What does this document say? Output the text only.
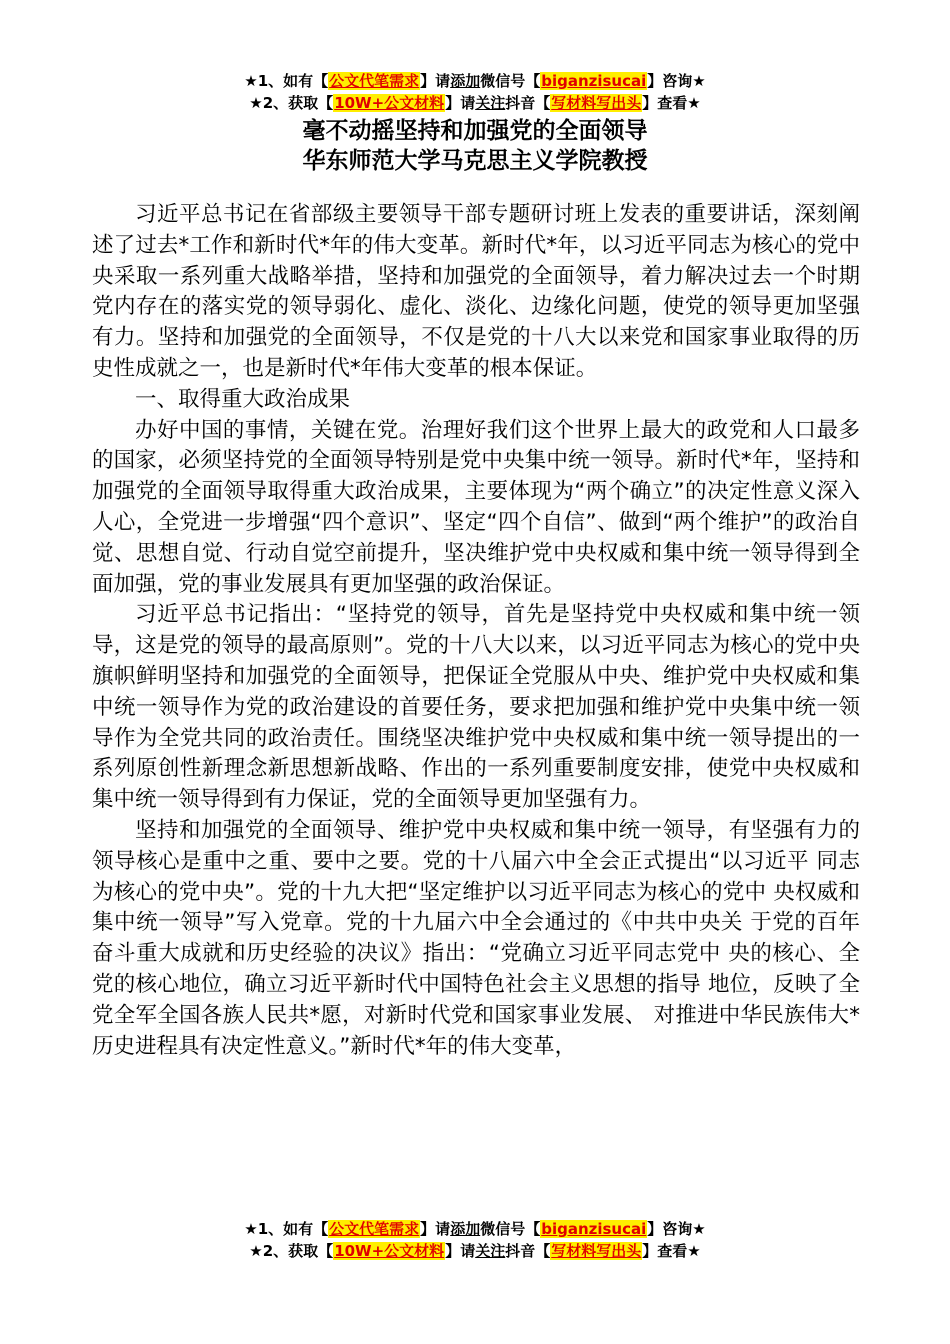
★1、如有【公文代笔需求】请添加微信号【biganzisucai】咨询★
★2、获取【10W+公文材料】请关注抖音【写材料写出头】查看★
毫不动摇坚持和加强党的全面领导
华东师范大学马克思主义学院教授

习近平总书记在省部级主要领导干部专题研讨班上发表的重要讲话，深刻阐述了过去*工作和新时代*年的伟大变革。新时代*年，以习近平同志为核心的党中央采取一系列重大战略举措，坚持和加强党的全面领导，着力解决过去一个时期党内存在的落实党的领导弱化、虚化、淡化、边缘化问题，使党的领导更加坚强有力。坚持和加强党的全面领导，不仅是党的十八大以来党和国家事业取得的历史性成就之一，也是新时代*年伟大变革的根本保证。

一、取得重大政治成果

办好中国的事情，关键在党。治理好我们这个世界上最大的政党和人口最多的国家，必须坚持党的全面领导特别是党中央集中统一领导。新时代*年，坚持和加强党的全面领导取得重大政治成果，主要体现为“两个确立”的决定性意义深入人心，全党进一步增强“四个意识”、坚定“四个自信”、做到“两个维护”的政治自觉、思想自觉、行动自觉空前提升，坚决维护党中央权威和集中统一领导得到全面加强，党的事业发展具有更加坚强的政治保证。

习近平总书记指出：“坚持党的领导，首先是坚持党中央权威和集中统一领导，这是党的领导的最高原则”。党的十八大以来，以习近平同志为核心的党中央旗帜鲜明坚持和加强党的全面领导，把保证全党服从中央、维护党中央权威和集中统一领导作为党的政治建设的首要任务，要求把加强和维护党中央集中统一领导作为全党共同的政治责任。围绕坚决维护党中央权威和集中统一领导提出的一系列原创性新理念新思想新战略、作出的一系列重要制度安排，使党中央权威和集中统一领导得到有力保证，党的全面领导更加坚强有力。

坚持和加强党的全面领导、维护党中央权威和集中统一领导，有坚强有力的领导核心是重中之重、要中之要。党的十八届六中全会正式提出“以习近平 同志为核心的党中央”。党的十九大把“坚定维护以习近平同志为核心的党中 央权威和集中统一领导”写入党章。党的十九届六中全会通过的《中共中央关 于党的百年奋斗重大成就和历史经验的决议》指出：“党确立习近平同志党中 央的核心、全党的核心地位，确立习近平新时代中国特色社会主义思想的指导 地位，反映了全党全军全国各族人民共*愿，对新时代党和国家事业发展、 对推进中华民族伟大*历史进程具有决定性意义。”新时代*年的伟大变革，

★1、如有【公文代笔需求】请添加微信号【biganzisucai】咨询★
★2、获取【10W+公文材料】请关注抖音【写材料写出头】查看★
